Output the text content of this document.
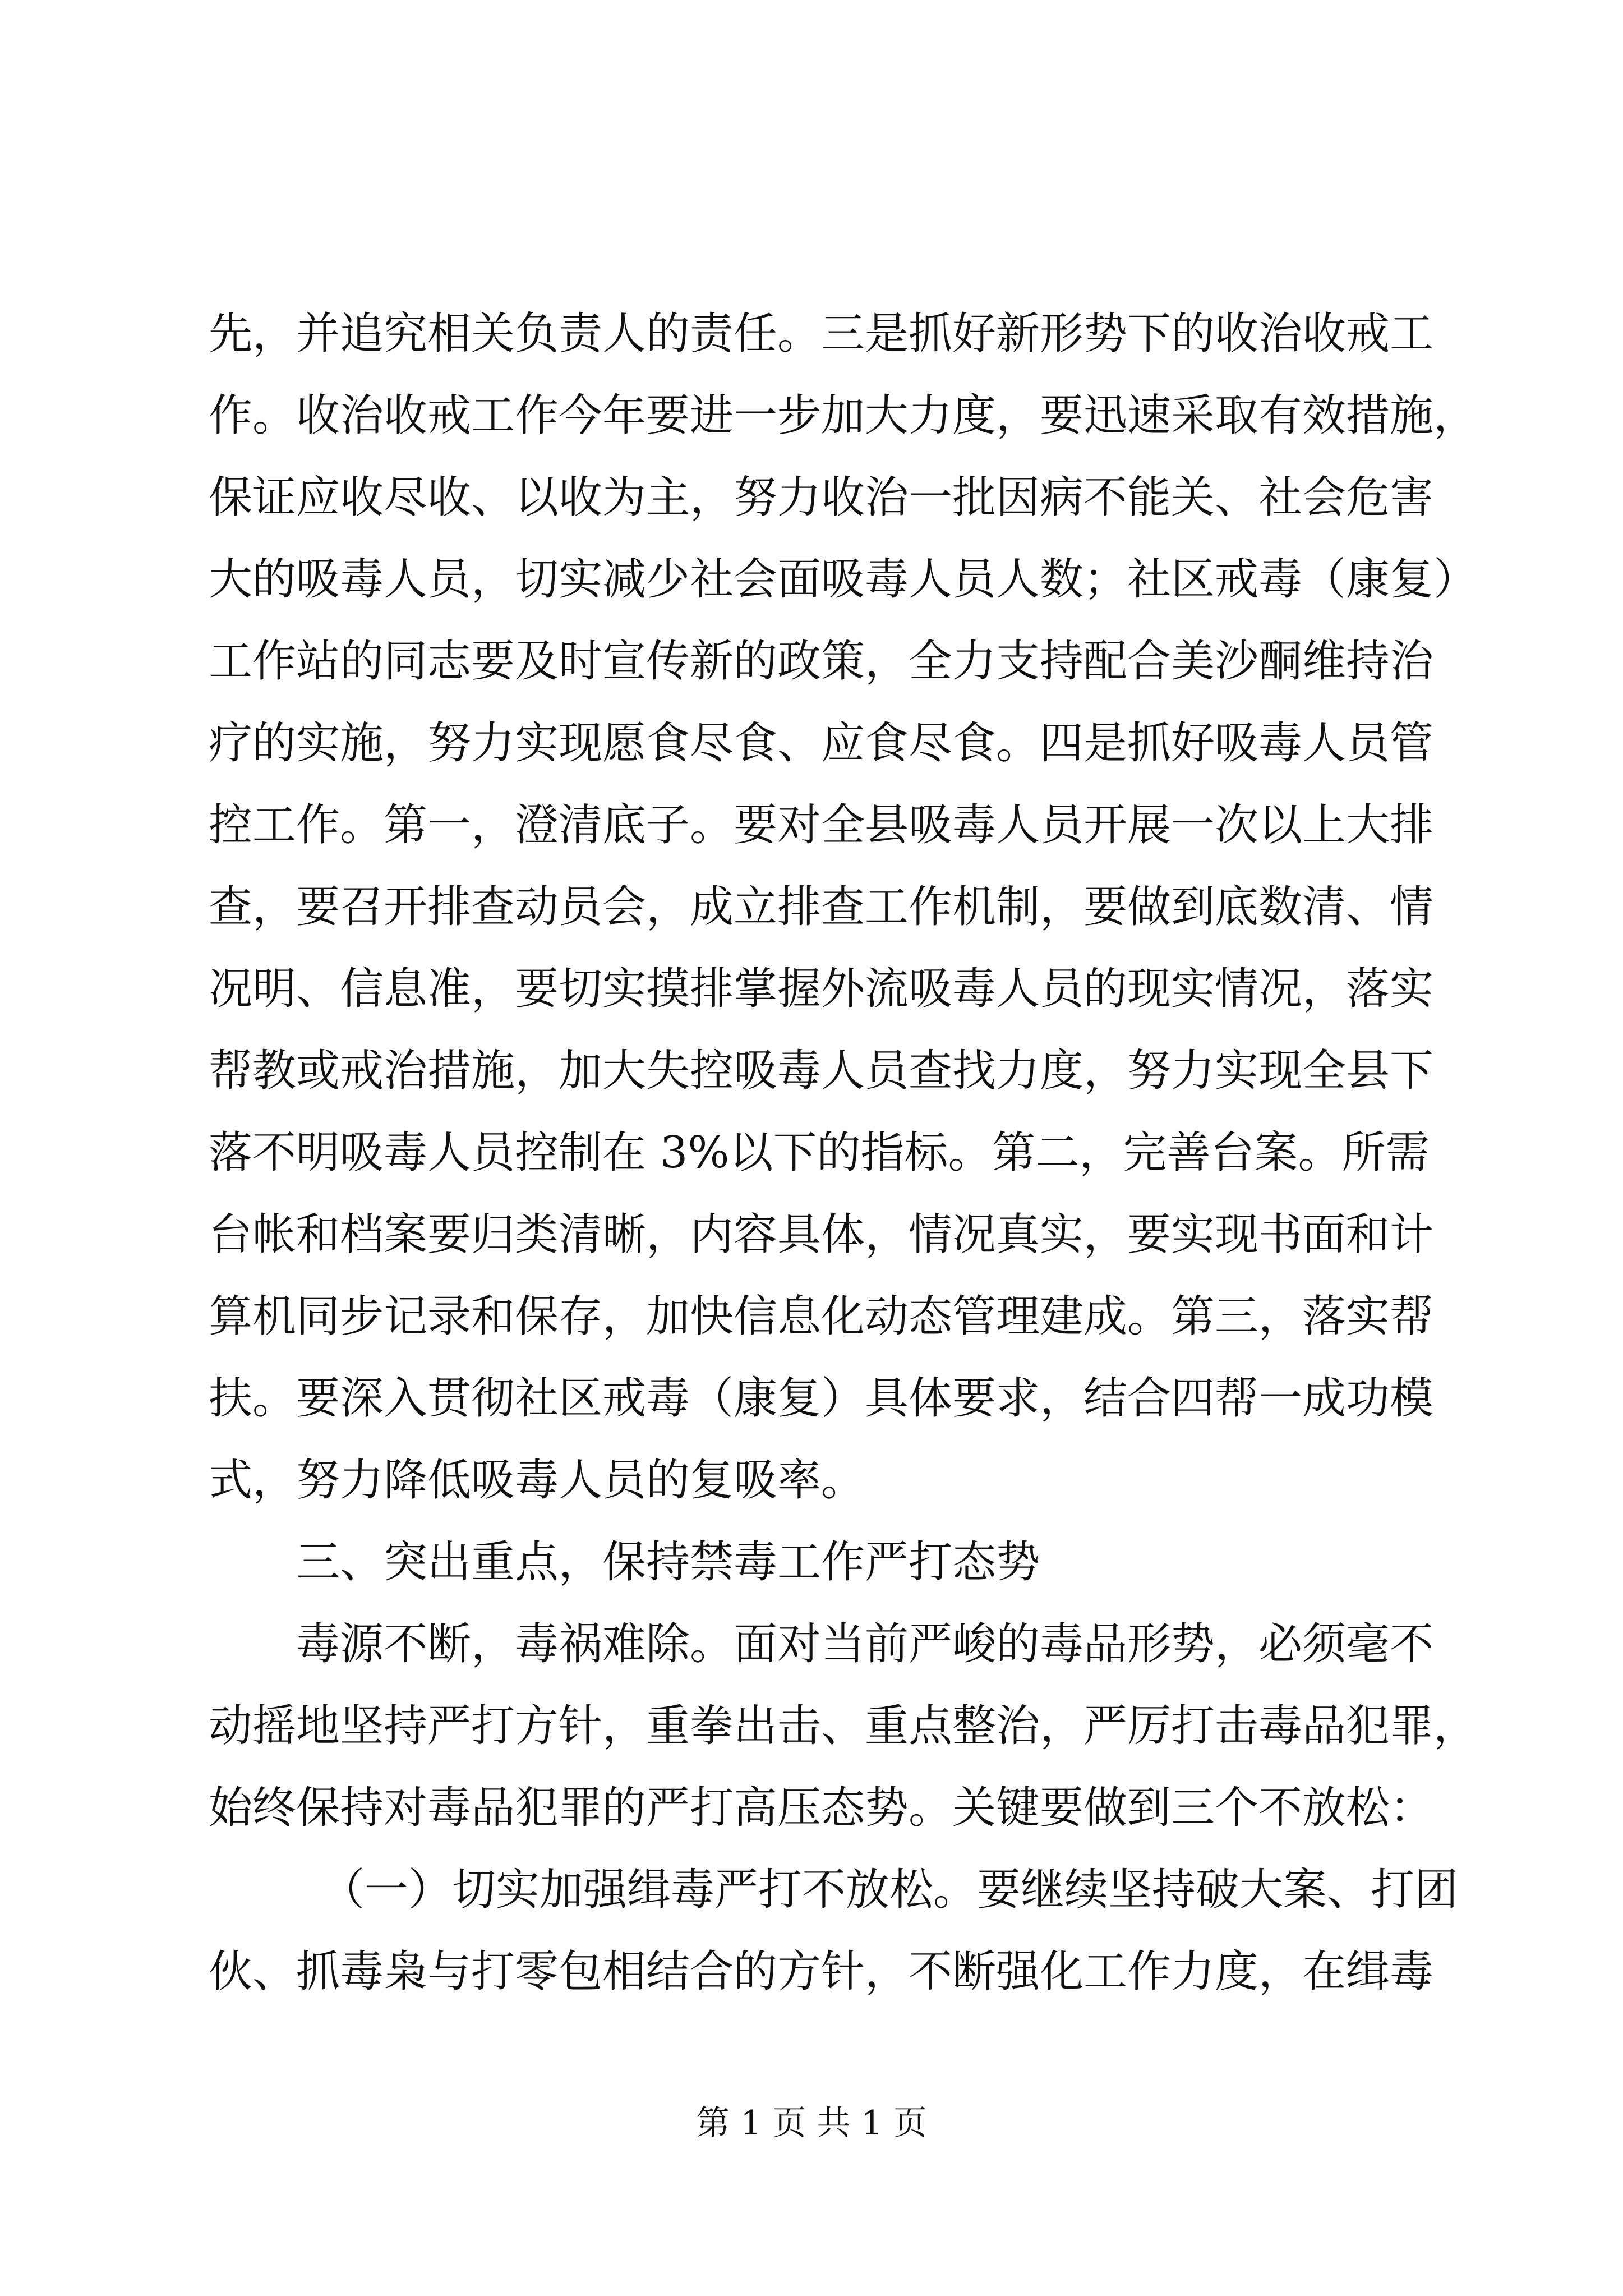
先，并追究相关负责人的责任。三是抓好新形势下的收治收戒工
作。收治收戒工作今年要进一步加大力度，要迅速采取有效措施，
保证应收尽收、以收为主，努力收治一批因病不能关、社会危害
大的吸毒人员，切实减少社会面吸毒人员人数；社区戒毒（康复）
工作站的同志要及时宣传新的政策，全力支持配合美沙酮维持治
疗的实施，努力实现愿食尽食、应食尽食。四是抓好吸毒人员管
控工作。第一，澄清底子。要对全县吸毒人员开展一次以上大排
查，要召开排查动员会，成立排查工作机制，要做到底数清、情
况明、信息准，要切实摸排掌握外流吸毒人员的现实情况，落实
帮教或戒治措施，加大失控吸毒人员查找力度，努力实现全县下
落不明吸毒人员控制在 3%以下的指标。第二，完善台案。所需
台帐和档案要归类清晰，内容具体，情况真实，要实现书面和计
算机同步记录和保存，加快信息化动态管理建成。第三，落实帮
扶。要深入贯彻社区戒毒（康复）具体要求，结合四帮一成功模
式，努力降低吸毒人员的复吸率。
三、突出重点，保持禁毒工作严打态势
毒源不断，毒祸难除。面对当前严峻的毒品形势，必须毫不
动摇地坚持严打方针，重拳出击、重点整治，严厉打击毒品犯罪，
始终保持对毒品犯罪的严打高压态势。关键要做到三个不放松：
（一）切实加强缉毒严打不放松。要继续坚持破大案、打团
伙、抓毒枭与打零包相结合的方针，不断强化工作力度，在缉毒
第 1 页 共 1 页
